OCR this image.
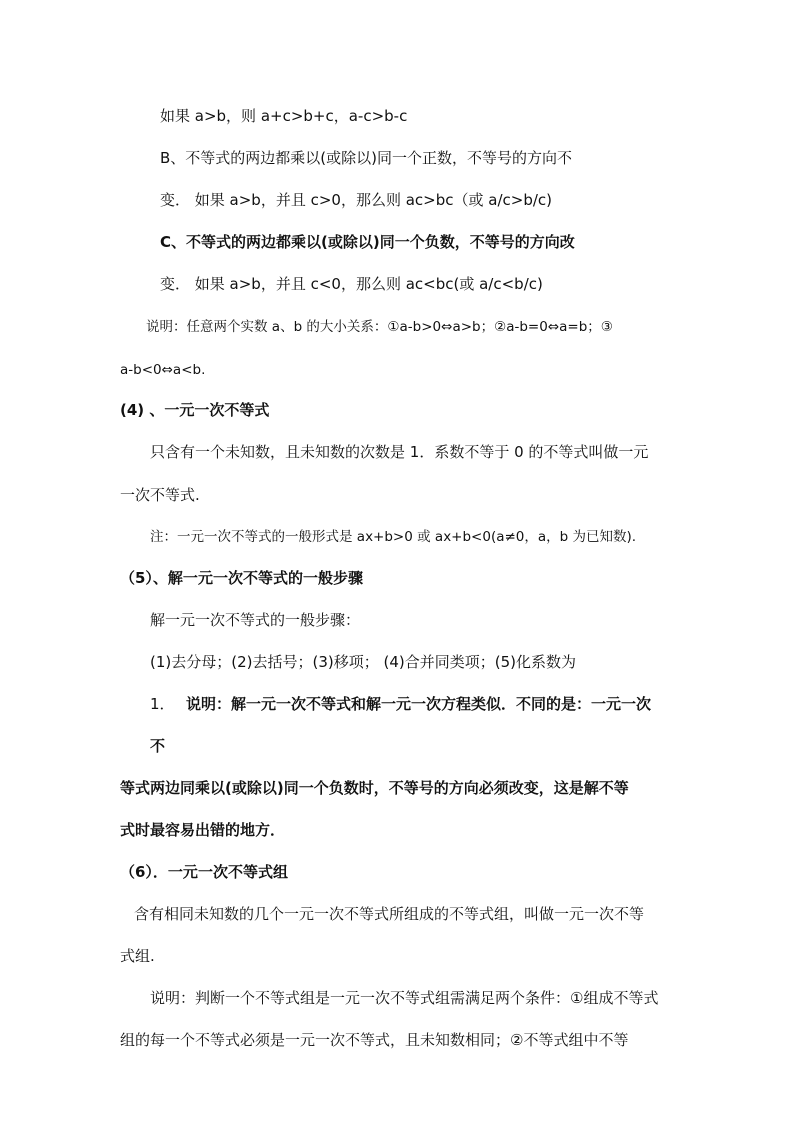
如果 a>b，则 a+c>b+c，a-c>b-c
B、不等式的两边都乘以(或除以)同一个正数，不等号的方向不
变． 如果 a>b，并且 c>0，那么则 ac>bc（或 a/c>b/c)
C、不等式的两边都乘以(或除以)同一个负数，不等号的方向改
变． 如果 a>b，并且 c<0，那么则 ac<bc(或 a/c<b/c)
说明：任意两个实数 a、b 的大小关系：①a-b>0⇔a>b；②a-b=0⇔a=b；③
a-b<0⇔a<b.
(4) 、一元一次不等式
只含有一个未知数，且未知数的次数是 1．系数不等于 0 的不等式叫做一元
一次不等式.
注：一元一次不等式的一般形式是 ax+b>0 或 ax+b<0(a≠0，a，b 为已知数).
（5）、解一元一次不等式的一般步骤
解一元一次不等式的一般步骤：
(1)去分母；(2)去括号；(3)移项； (4)合并同类项；(5)化系数为
1． 说明：解一元一次不等式和解一元一次方程类似．不同的是：一元一次
不
等式两边同乘以(或除以)同一个负数时，不等号的方向必须改变，这是解不等
式时最容易出错的地方．
（6）．一元一次不等式组
含有相同未知数的几个一元一次不等式所组成的不等式组，叫做一元一次不等
式组.
说明：判断一个不等式组是一元一次不等式组需满足两个条件：①组成不等式
组的每一个不等式必须是一元一次不等式，且未知数相同；②不等式组中不等
